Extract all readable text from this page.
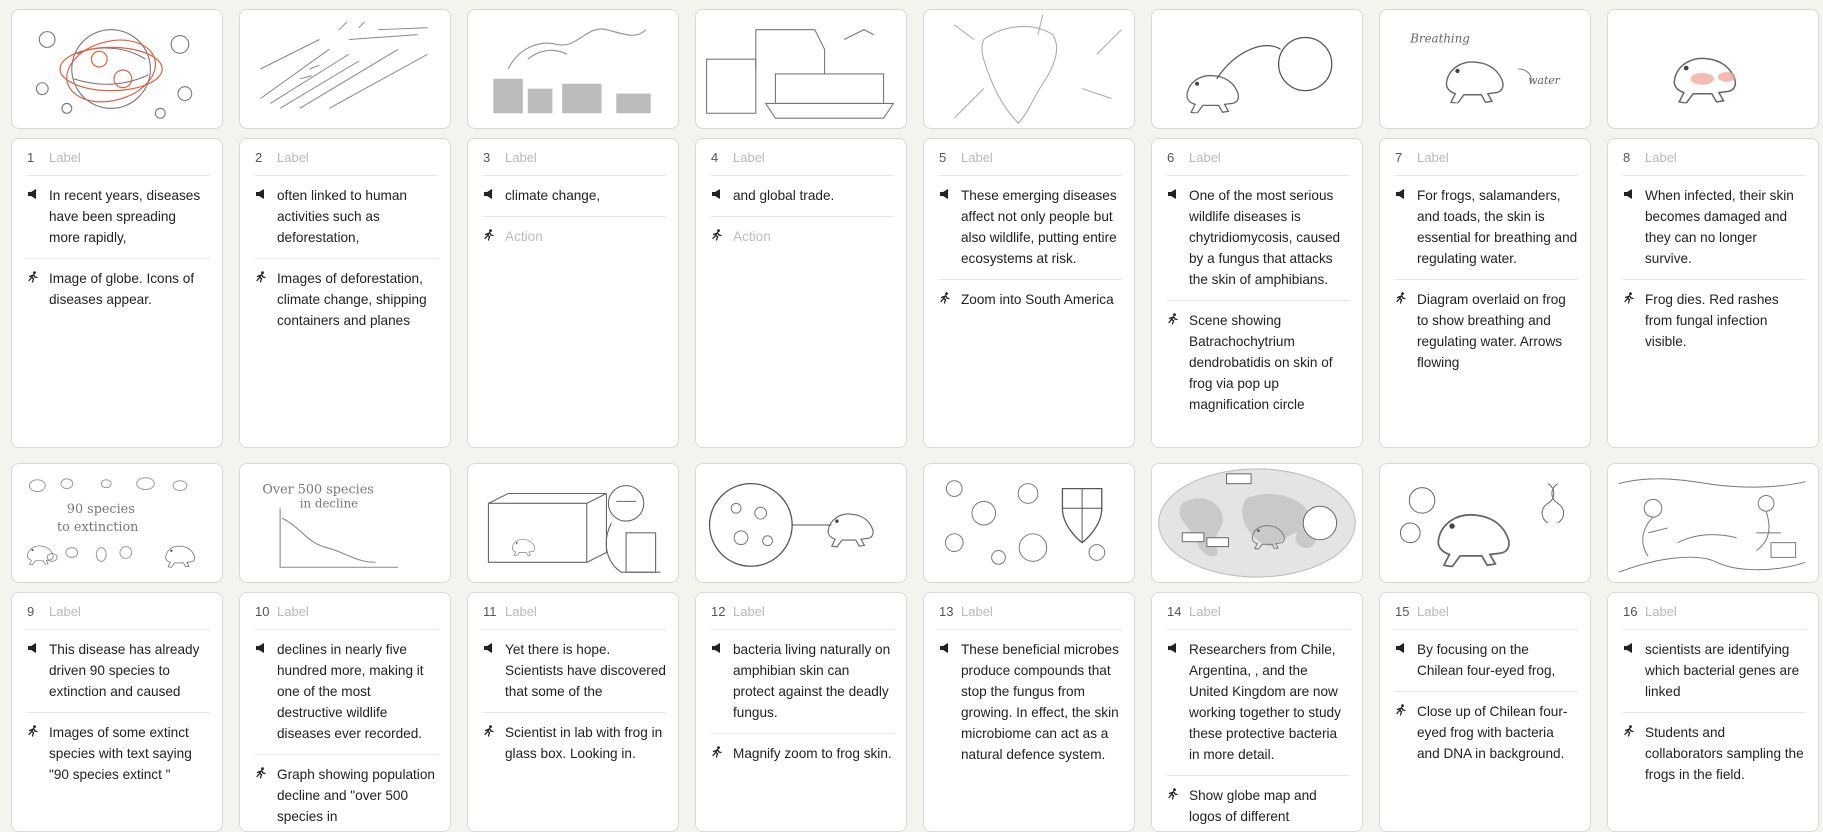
Breathing
water
1	Label
In recent years, diseases have been spreading more rapidly,
Image of globe. Icons of diseases appear.
2	Label
often linked to human activities such as deforestation,
Images of deforestation, climate change, shipping containers and planes
3	Label
climate change,
Action
4	Label
and global trade.
Action
5	Label
These emerging diseases affect not only people but also wildlife, putting entire ecosystems at risk.
Zoom into South America
6	Label
One of the most serious wildlife diseases is chytridiomycosis, caused by a fungus that attacks the skin of amphibians.
Scene showing Batrachochytrium dendrobatidis on skin of frog via pop up magnification circle
7	Label
For frogs, salamanders, and toads, the skin is essential for breathing and regulating water.
Diagram overlaid on frog to show breathing and regulating water. Arrows flowing
8	Label
When infected, their skin becomes damaged and they can no longer survive.
Frog dies. Red rashes from fungal infection visible.
90 species
to extinction
Over 500 species
in decline
9	Label
This disease has already driven 90 species to extinction and caused
Images of some extinct species with text saying "90 species extinct "
10 Label
declines in nearly five hundred more, making it one of the most destructive wildlife diseases ever recorded.
Graph showing population decline and "over 500 species in
11 Label
Yet there is hope. Scientists have discovered that some of the
Scientist in lab with frog in glass box. Looking in.
12 Label
bacteria living naturally on amphibian skin can protect against the deadly fungus.
Magnify zoom to frog skin.
13 Label
These beneficial microbes produce compounds that stop the fungus from growing. In effect, the skin microbiome can act as a natural defence system.
14 Label
Researchers from Chile, Argentina, , and the United Kingdom are now working together to study these protective bacteria in more detail.
Show globe map and logos of different
15 Label
By focusing on the Chilean four-eyed frog,
Close up of Chilean four-eyed frog with bacteria and DNA in background.
16 Label
scientists are identifying which bacterial genes are linked
Students and collaborators sampling the frogs in the field.
